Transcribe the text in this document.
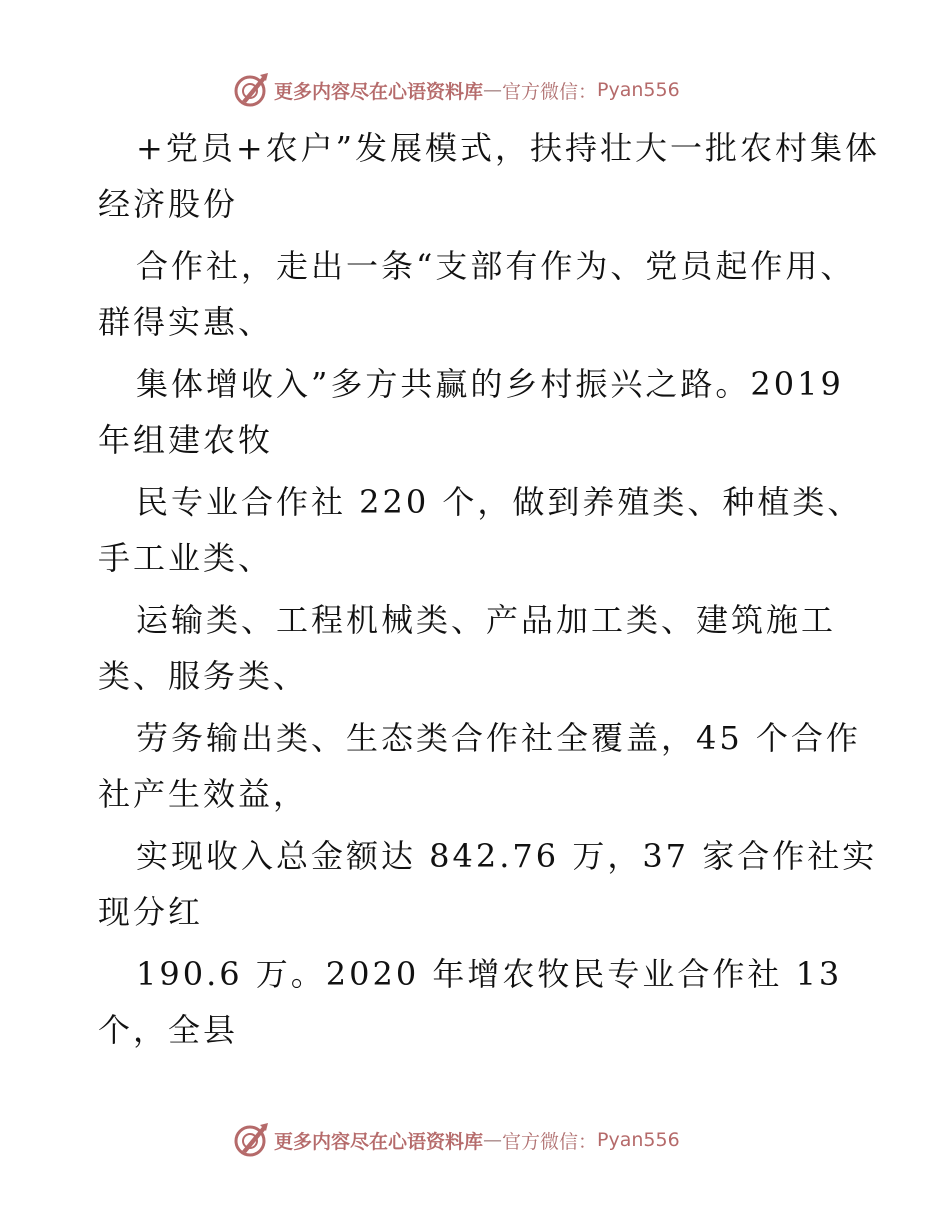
更多内容尽在心语资料库 — 官方微信： Pyan556
+党员+农户”发展模式，扶持壮大一批农村集体
经济股份
合作社，走出一条“支部有作为、党员起作用、
群得实惠、
集体增收入”多方共赢的乡村振兴之路。2019
年组建农牧
民专业合作社 220 个，做到养殖类、种植类、
手工业类、
运输类、工程机械类、产品加工类、建筑施工
类、服务类、
劳务输出类、生态类合作社全覆盖，45 个合作
社产生效益，
实现收入总金额达 842.76 万，37 家合作社实
现分红
190.6 万。2020 年增农牧民专业合作社 13
个，全县
更多内容尽在心语资料库 — 官方微信： Pyan556
